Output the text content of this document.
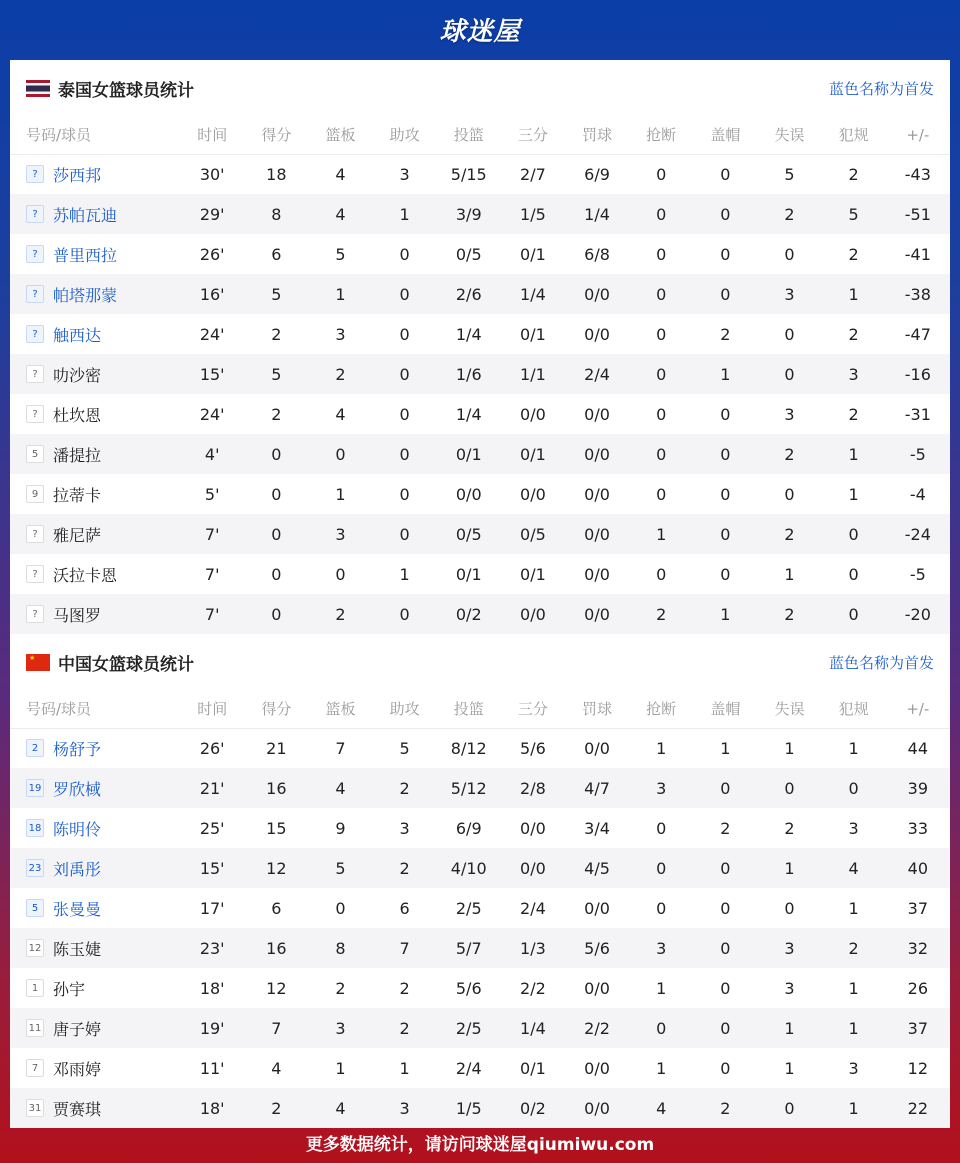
球迷屋
泰国女篮球员统计	蓝色名称为首发
号码/球员	时间	得分	篮板	助攻	投篮	三分	罚球	抢断	盖帽	失误	犯规	+/-

? 莎西邦	30'	18	4	3	5/15	2/7	6/9	0	0	5	2	-43

? 苏帕瓦迪	29'	8	4	1	3/9	1/5	1/4	0	0	2	5	-51

? 普里西拉	26'	6	5	0	0/5	0/1	6/8	0	0	0	2	-41

? 帕塔那蒙	16'	5	1	0	2/6	1/4	0/0	0	0	3	1	-38

? 触西达	24'	2	3	0	1/4	0/1	0/0	0	2	0	2	-47

? 叻沙密	15'	5	2	0	1/6	1/1	2/4	0	1	0	3	-16

? 杜坎恩	24'	2	4	0	1/4	0/0	0/0	0	0	3	2	-31

5 潘提拉	4'	0	0	0	0/1	0/1	0/0	0	0	2	1	-5

9 拉蒂卡	5'	0	1	0	0/0	0/0	0/0	0	0	0	1	-4

? 雅尼萨	7'	0	3	0	0/5	0/5	0/0	1	0	2	0	-24

? 沃拉卡恩	7'	0	0	1	0/1	0/1	0/0	0	0	1	0	-5

? 马图罗	7'	0	2	0	0/2	0/0	0/0	2	1	2	0	-20
★ 中国女篮球员统计	蓝色名称为首发
号码/球员	时间	得分	篮板	助攻	投篮	三分	罚球	抢断	盖帽	失误	犯规	+/-

2 杨舒予	26'	21	7	5	8/12	5/6	0/0	1	1	1	1	44

19 罗欣棫	21'	16	4	2	5/12	2/8	4/7	3	0	0	0	39

18 陈明伶	25'	15	9	3	6/9	0/0	3/4	0	2	2	3	33

23 刘禹彤	15'	12	5	2	4/10	0/0	4/5	0	0	1	4	40

5 张曼曼	17'	6	0	6	2/5	2/4	0/0	0	0	0	1	37

12 陈玉婕	23'	16	8	7	5/7	1/3	5/6	3	0	3	2	32

1 孙宇	18'	12	2	2	5/6	2/2	0/0	1	0	3	1	26

11 唐子婷	19'	7	3	2	2/5	1/4	2/2	0	0	1	1	37

7 邓雨婷	11'	4	1	1	2/4	0/1	0/0	1	0	1	3	12

31 贾赛琪	18'	2	4	3	1/5	0/2	0/0	4	2	0	1	22
更多数据统计，请访问球迷屋qiumiwu.com
